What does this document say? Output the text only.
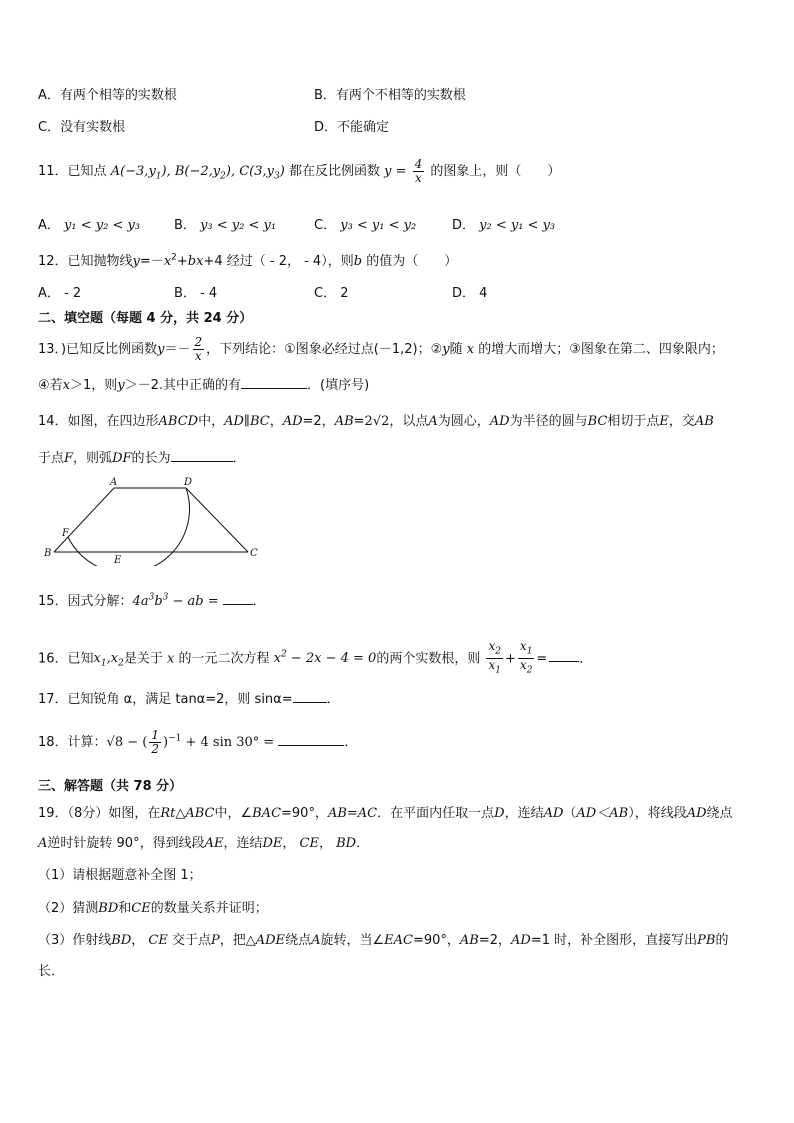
A．有两个相等的实数根	B．有两个不相等的实数根
C．没有实数根	D．不能确定
11．已知点 $A(-3,y_1)$, $B(-2,y_2)$, $C(3,y_3)$ 都在反比例函数 $y = \frac{4}{x}$ 的图象上，则（　　）
A． y₁ < y₂ < y₃	B． y₃ < y₂ < y₁	C． y₃ < y₁ < y₂	D． y₂ < y₁ < y₃
12．已知抛物线$y=-x^2+bx+4$ 经过（ - 2， - 4），则b 的值为（　　）
A． - 2	B． - 4	C． 2	D． 4
二、填空题（每题 4 分，共 24 分）
13．)已知反比例函数$y=- \frac{2}{x}$ ，下列结论：①图象必经过点(－1,2)；②y随 x 的增大而增大；③图象在第二、四象限内；
④若x＞1，则y＞－2.其中正确的有	．(填序号)
14．如图，在四边形ABCD中，AD∥BC，AD=2，AB=2√2，以点A为圆心，AD为半径的圆与BC相切于点E，交AB
于点F，则弧DF的长为	．
A	D
F
B
E
C
15．因式分解：$4a^3b^3$ − ab =	．
16．已知$x_1,x_2$是关于 x 的一元二次方程 $x^2 - 2x - 4 = 0$的两个实数根，则 $\frac{x_2}{x_1} + \frac{x_1}{x_2}$ = ．
17．已知锐角 α，满足 tanα=2，则 sinα=	．
18．计算：√8 − ( $\frac{1}{2} )^{-1} + 4$ sin 30° =	．
三、解答题（共 78 分）
19．（8分）如图，在Rt△ABC中，∠BAC=90°，AB=AC．在平面内任取一点D，连结AD（AD＜AB），将线段AD绕点
A逆时针旋转 90°，得到线段AE，连结DE， CE， BD．
（1）请根据题意补全图 1；
（2）猜测BD和CE的数量关系并证明；
（3）作射线BD， CE 交于点P，把△ADE绕点A旋转，当∠EAC=90°，AB=2，AD=1 时，补全图形，直接写出PB的
长．
